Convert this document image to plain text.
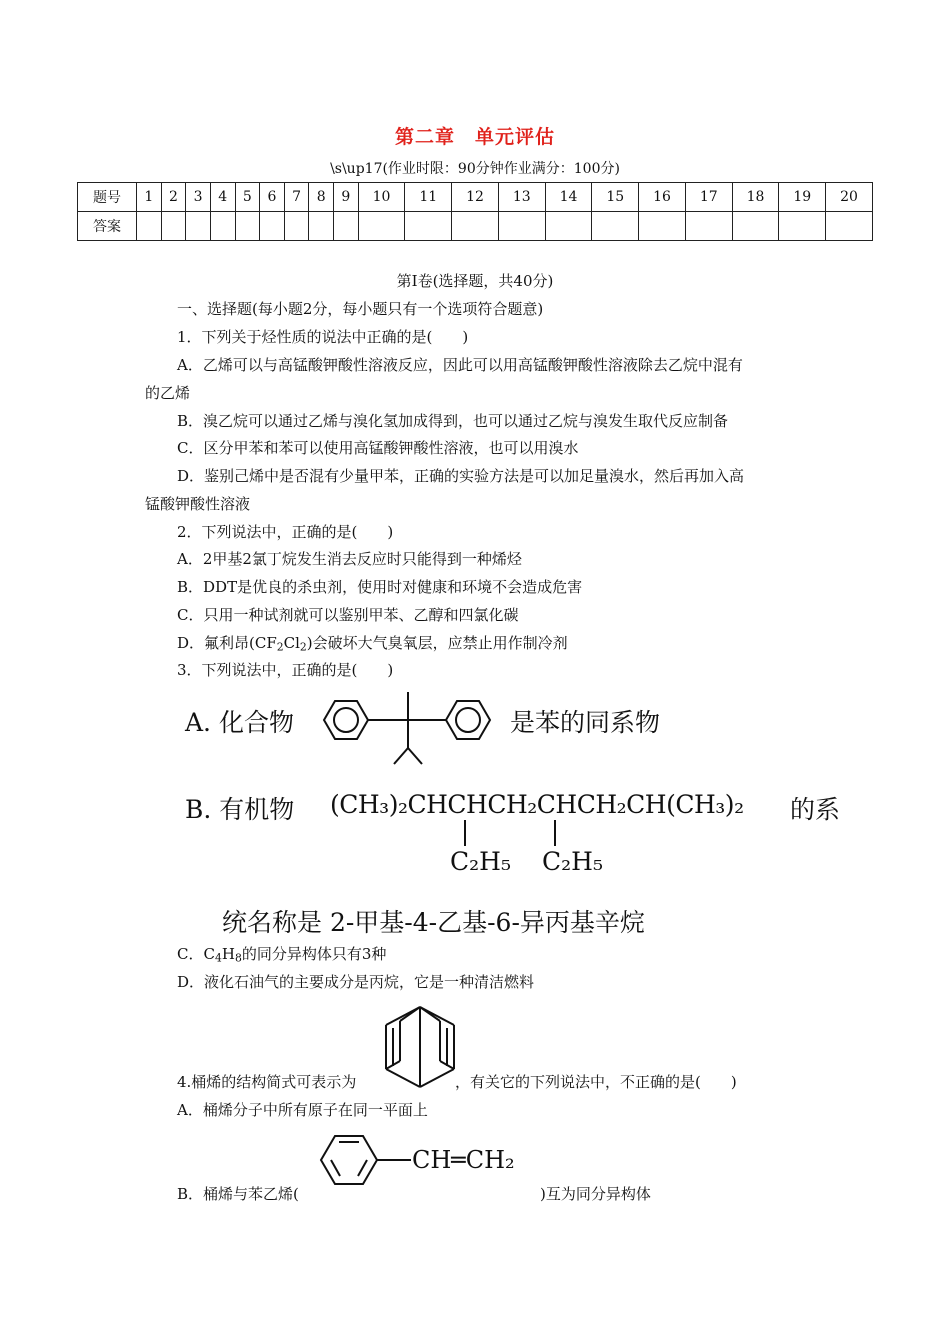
第二章　单元评估
\s\up17(作业时限：90分钟作业满分：100分)
题号	1	2	3	4	5	6	7	8	9	10	11	12	13	14	15	16	17	18	19	20
答案																				
第Ⅰ卷(选择题，共40分)
一、选择题(每小题2分，每小题只有一个选项符合题意)
1．下列关于烃性质的说法中正确的是(　　)
A．乙烯可以与高锰酸钾酸性溶液反应，因此可以用高锰酸钾酸性溶液除去乙烷中混有
的乙烯
B．溴乙烷可以通过乙烯与溴化氢加成得到，也可以通过乙烷与溴发生取代反应制备
C．区分甲苯和苯可以使用高锰酸钾酸性溶液，也可以用溴水
D．鉴别己烯中是否混有少量甲苯，正确的实验方法是可以加足量溴水，然后再加入高
锰酸钾酸性溶液
2．下列说法中，正确的是(　　)
A．2甲基2氯丁烷发生消去反应时只能得到一种烯烃
B．DDT是优良的杀虫剂，使用时对健康和环境不会造成危害
C．只用一种试剂就可以鉴别甲苯、乙醇和四氯化碳
D．氟利昂$(CF_2Cl_2)$会破坏大气臭氧层，应禁止用作制冷剂
3．下列说法中，正确的是(　　)
A. 化合物	是苯的同系物
B. 有机物 (CH₃)₂CHCHCH₂CHCH₂CH(CH₃)₂ 的系
C₂H₅ C₂H₅
统名称是 2-甲基-4-乙基-6-异丙基辛烷
C．$C_4H_8$的同分异构体只有3种
D．液化石油气的主要成分是丙烷，它是一种清洁燃料
4.桶烯的结构简式可表示为	，有关它的下列说法中，不正确的是(　　)
A．桶烯分子中所有原子在同一平面上
CH═CH₂
B．桶烯与苯乙烯(	)互为同分异构体
